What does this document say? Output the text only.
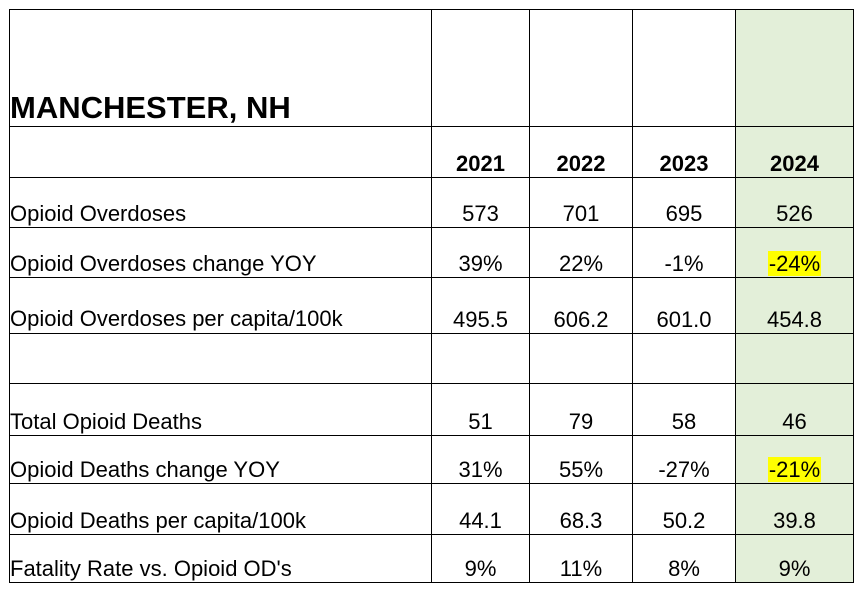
MANCHESTER, NH				
	2021	2022	2023	2024
Opioid Overdoses	573	701	695	526
Opioid Overdoses change YOY	39%	22%	-1%	-24%
Opioid Overdoses per capita/100k	495.5	606.2	601.0	454.8

Total Opioid Deaths	51	79	58	46
Opioid Deaths change YOY	31%	55%	-27%	-21%
Opioid Deaths per capita/100k	44.1	68.3	50.2	39.8
Fatality Rate vs. Opioid OD's	9%	11%	8%	9%
